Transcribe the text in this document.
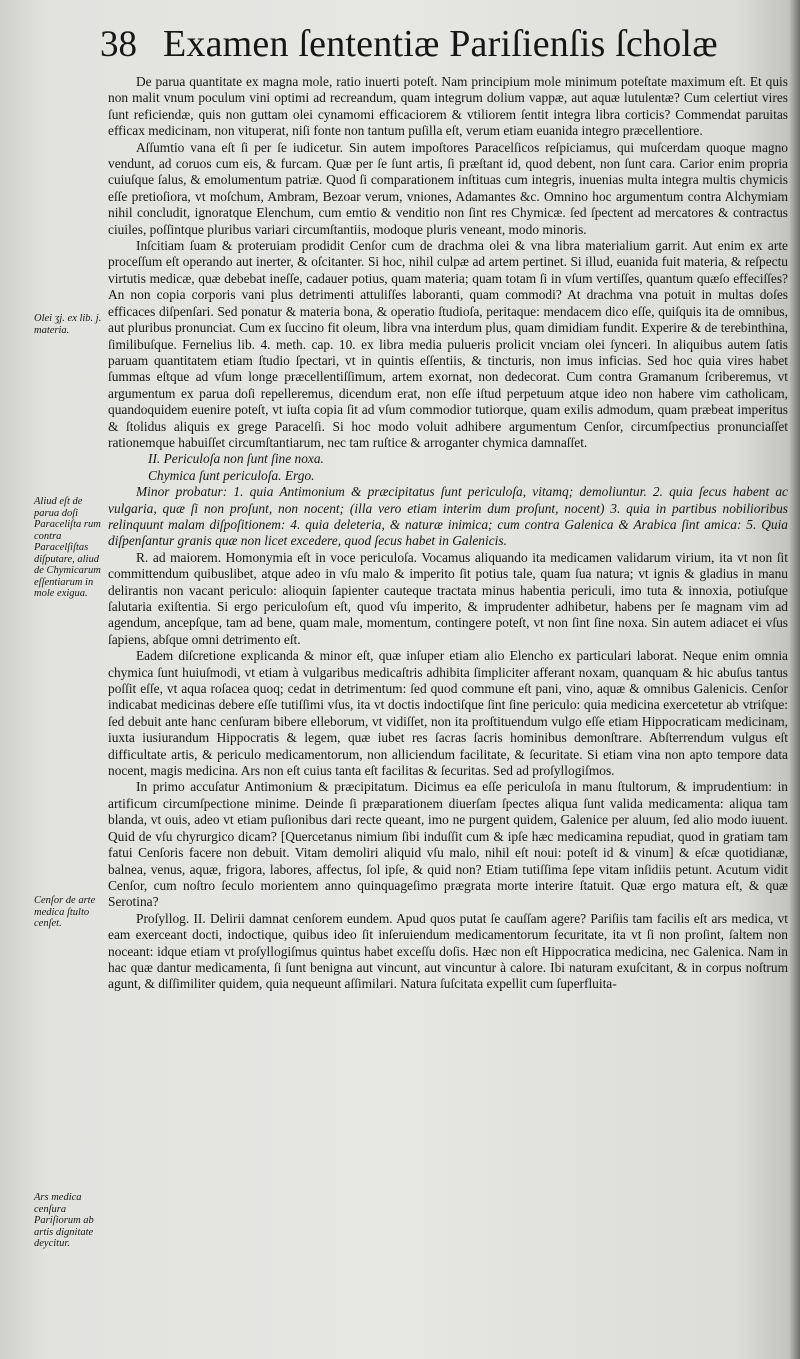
38 Examen ſententiæ Pariſienſis ſcholæ
Olei ʒj. ex lib. j. materia.
Aliud eſt de parua doſi Paraceliſta rum contra Paracelſiſtas diſputare, aliud de Chymicarum eſſentiarum in mole exigua.
Cenſor de arte medica ſtulto cenſet.
Ars medica cenſura Pariſiorum ab artis dignitate deycitur.

De parua quantitate ex magna mole, ratio inuerti poteſt. Nam principium mole minimum poteſtate maximum eſt. Et quis non malit vnum poculum vini optimi ad recreandum, quam integrum dolium vappæ, aut aquæ lutulentæ? Cum celertiut vires ſunt reficiendæ, quis non guttam olei cynamomi efficaciorem & vtiliorem ſentit integra libra corticis? Commendat paruitas efficax medicinam, non vituperat, niſi fonte non tantum puſilla eſt, verum etiam euanida integro præcellentiore.

Aſſumtio vana eſt ſi per ſe iudicetur. Sin autem impoſtores Paracelſicos reſpiciamus, qui muſcerdam quoque magno vendunt, ad coruos cum eis, & furcam. Quæ per ſe ſunt artis, ſi præſtant id, quod debent, non ſunt cara. Carior enim propria cuiuſque ſalus, & emolumentum patriæ. Quod ſi comparationem inſtituas cum integris, inuenias multa integra multis chymicis eſſe pretioſiora, vt moſchum, Ambram, Bezoar verum, vniones, Adamantes &c. Omnino hoc argumentum contra Alchymiam nihil concludit, ignoratque Elenchum, cum emtio & venditio non ſint res Chymicæ. ſed ſpectent ad mercatores & contractus ciuiles, poſſintque pluribus variari circumſtantiis, modoque pluris veneant, modo minoris.

Inſcitiam ſuam & proteruiam prodidit Cenſor cum de drachma olei & vna libra materialium garrit. Aut enim ex arte proceſſum eſt operando aut inerter, & oſcitanter. Si hoc, nihil culpæ ad artem pertinet. Si illud, euanida fuit materia, & reſpectu virtutis medicæ, quæ debebat ineſſe, cadauer potius, quam materia; quam totam ſi in vſum vertiſſes, quantum quæſo effeciſſes? An non copia corporis vani plus detrimenti attuliſſes laboranti, quam commodi? At drachma vna potuit in multas doſes efficaces diſpenſari. Sed ponatur & materia bona, & operatio ſtudioſa, peritaque: mendacem dico eſſe, quiſquis ita de omnibus, aut pluribus pronunciat. Cum ex ſuccino fit oleum, libra vna interdum plus, quam dimidiam fundit. Experire & de terebinthina, ſimilibuſque. Fernelius lib. 4. meth. cap. 10. ex libra media pulueris prolicit vnciam olei ſynceri. In aliquibus autem ſatis paruam quantitatem etiam ſtudio ſpectari, vt in quintis eſſentiis, & tincturis, non imus inficias. Sed hoc quia vires habet ſummas eſtque ad vſum longe præcellentiſſimum, artem exornat, non dedecorat. Cum contra Gramanum ſcriberemus, vt argumentum ex parua doſi repelleremus, dicendum erat, non eſſe iſtud perpetuum atque ideo non habere vim catholicam, quandoquidem euenire poteſt, vt iuſta copia ſit ad vſum commodior tutiorque, quam exilis admodum, quam præbeat imperitus & ſtolidus aliquis ex grege Paracelſi. Si hoc modo voluit adhibere argumentum Cenſor, circumſpectius pronunciaſſet rationemque habuiſſet circumſtantiarum, nec tam ruſtice & arroganter chymica damnaſſet.

II. Periculoſa non ſunt ſine noxa.

Chymica ſunt periculoſa. Ergo.

Minor probatur: 1. quia Antimonium & præcipitatus ſunt periculoſa, vitamq; demoliuntur. 2. quia ſecus habent ac vulgaria, quæ ſi non proſunt, non nocent; (illa vero etiam interim dum proſunt, nocent) 3. quia in partibus nobilioribus relinquunt malam diſpoſitionem: 4. quia deleteria, & naturæ inimica; cum contra Galenica & Arabica ſint amica: 5. Quia diſpenſantur granis quæ non licet excedere, quod ſecus habet in Galenicis.

R. ad maiorem. Homonymia eſt in voce periculoſa. Vocamus aliquando ita medicamen validarum virium, ita vt non ſit committendum quibuslibet, atque adeo in vſu malo & imperito ſit potius tale, quam ſua natura; vt ignis & gladius in manu delirantis non vacant periculo: alioquin ſapienter cauteque tractata minus habentia periculi, imo tuta & innoxia, potiuſque ſalutaria exiſtentia. Si ergo periculoſum eſt, quod vſu imperito, & imprudenter adhibetur, habens per ſe magnam vim ad agendum, ancepſque, tam ad bene, quam male, momentum, contingere poteſt, vt non ſint ſine noxa. Sin autem adiacet ei vſus ſapiens, abſque omni detrimento eſt.

Eadem diſcretione explicanda & minor eſt, quæ inſuper etiam alio Elencho ex particulari laborat. Neque enim omnia chymica ſunt huiuſmodi, vt etiam à vulgaribus medicaſtris adhibita ſimpliciter afferant noxam, quanquam & hic abuſus tantus poſſit eſſe, vt aqua roſacea quoq; cedat in detrimentum: ſed quod commune eſt pani, vino, aquæ & omnibus Galenicis. Cenſor indicabat medicinas debere eſſe tutiſſimi vſus, ita vt doctis indoctiſque ſint ſine periculo: quia medicina exercetetur ab vtriſque: ſed debuit ante hanc cenſuram bibere elleborum, vt vidiſſet, non ita proſtituendum vulgo eſſe etiam Hippocraticam medicinam, iuxta iusiurandum Hippocratis & legem, quæ iubet res ſacras ſacris hominibus demonſtrare. Abſterrendum vulgus eſt difficultate artis, & periculo medicamentorum, non alliciendum facilitate, & ſecuritate. Si etiam vina non apto tempore data nocent, magis medicina. Ars non eſt cuius tanta eſt facilitas & ſecuritas. Sed ad proſyllogiſmos.

In primo accuſatur Antimonium & præcipitatum. Dicimus ea eſſe periculoſa in manu ſtultorum, & imprudentium: in artificum circumſpectione minime. Deinde ſi præparationem diuerſam ſpectes aliqua ſunt valida medicamenta: aliqua tam blanda, vt ouis, adeo vt etiam puſionibus dari recte queant, imo ne purgent quidem, Galenice per aluum, ſed alio modo iuuent. Quid de vſu chyrurgico dicam? [Quercetanus nimium ſibi induſſit cum & ipſe hæc medicamina repudiat, quod in gratiam tam fatui Cenſoris facere non debuit. Vitam demoliri aliquid vſu malo, nihil eſt noui: poteſt id & vinum] & eſcæ quotidianæ, balnea, venus, aquæ, frigora, labores, affectus, ſol ipſe, & quid non? Etiam tutiſſima ſepe vitam inſidiis petunt. Acutum vidit Cenſor, cum noſtro ſeculo morientem anno quinquageſimo prægrata morte interire ſtatuit. Quæ ergo matura eſt, & quæ Serotina?

Proſyllog. II. Delirii damnat cenſorem eundem. Apud quos putat ſe cauſſam agere? Pariſiis tam facilis eſt ars medica, vt eam exerceant docti, indoctique, quibus ideo ſit inſeruiendum medicamentorum ſecuritate, ita vt ſi non proſint, ſaltem non noceant: idque etiam vt proſyllogiſmus quintus habet exceſſu doſis. Hæc non eſt Hippocratica medicina, nec Galenica. Nam in hac quæ dantur medicamenta, ſi ſunt benigna aut vincunt, aut vincuntur à calore. Ibi naturam exuſcitant, & in corpus noſtrum agunt, & diſſimiliter quidem, quia nequeunt aſſimilari. Natura ſuſcitata expellit cum ſuperfluita-
